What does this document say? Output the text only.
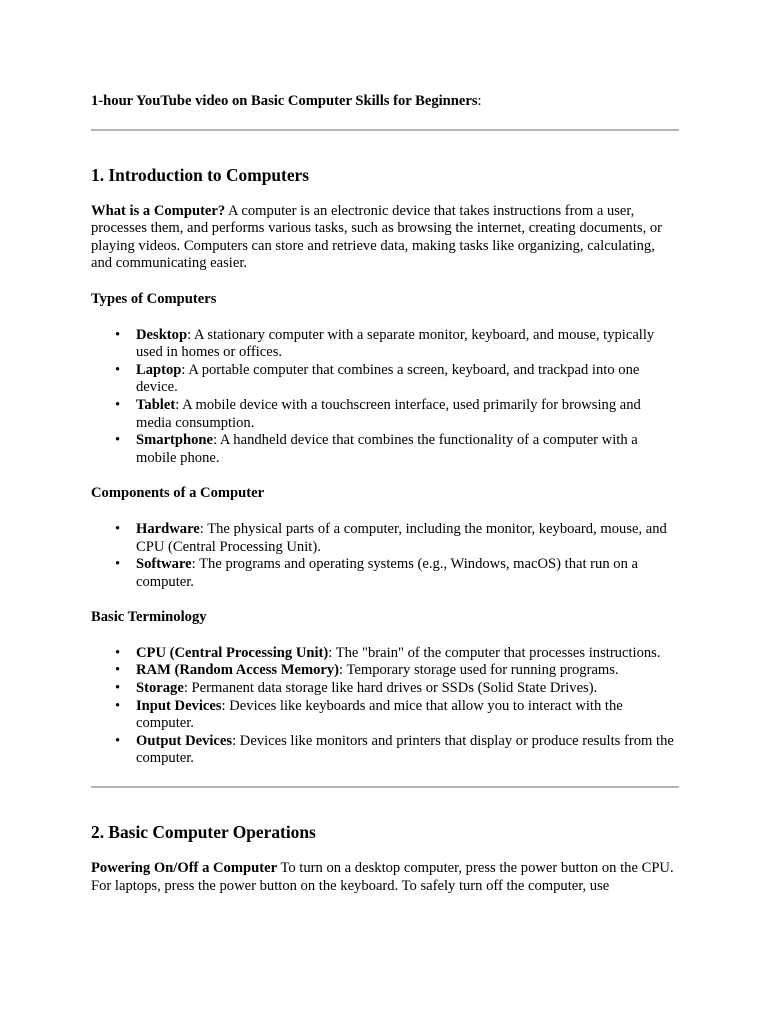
1-hour YouTube video on Basic Computer Skills for Beginners:

1. Introduction to Computers

What is a Computer? A computer is an electronic device that takes instructions from a user, processes them, and performs various tasks, such as browsing the internet, creating documents, or playing videos. Computers can store and retrieve data, making tasks like organizing, calculating, and communicating easier.

Types of Computers
• Desktop: A stationary computer with a separate monitor, keyboard, and mouse, typically used in homes or offices.
• Laptop: A portable computer that combines a screen, keyboard, and trackpad into one device.
• Tablet: A mobile device with a touchscreen interface, used primarily for browsing and media consumption.
• Smartphone: A handheld device that combines the functionality of a computer with a mobile phone.
Components of a Computer
• Hardware: The physical parts of a computer, including the monitor, keyboard, mouse, and CPU (Central Processing Unit).
• Software: The programs and operating systems (e.g., Windows, macOS) that run on a computer.
Basic Terminology
• CPU (Central Processing Unit): The "brain" of the computer that processes instructions.
• RAM (Random Access Memory): Temporary storage used for running programs.
• Storage: Permanent data storage like hard drives or SSDs (Solid State Drives).
• Input Devices: Devices like keyboards and mice that allow you to interact with the computer.
• Output Devices: Devices like monitors and printers that display or produce results from the computer.
2. Basic Computer Operations

Powering On/Off a Computer To turn on a desktop computer, press the power button on the CPU. For laptops, press the power button on the keyboard. To safely turn off the computer, use
